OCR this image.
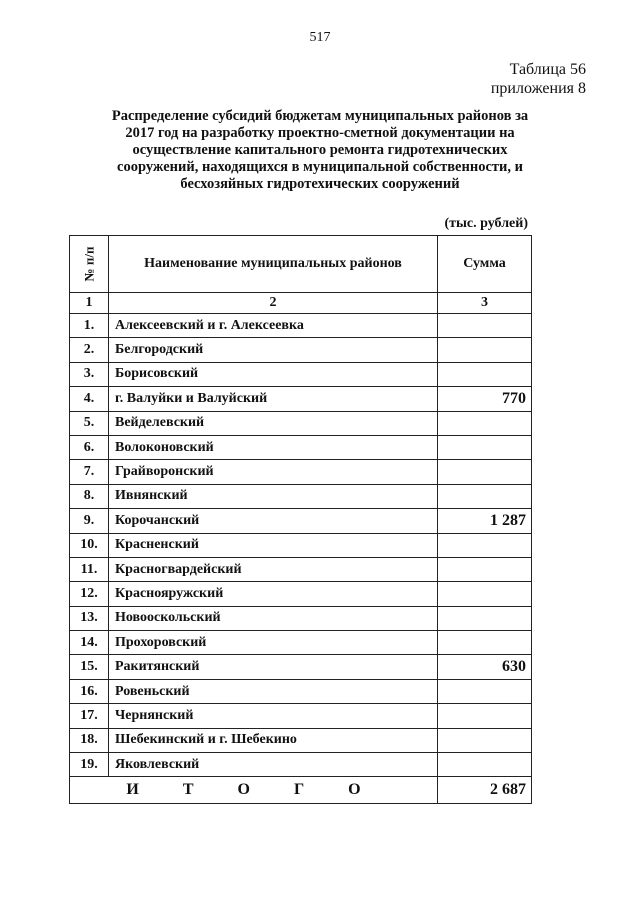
517
Таблица 56
приложения 8
Распределение субсидий бюджетам муниципальных районов за
2017 год на разработку проектно-сметной документации на
осуществление капитального ремонта гидротехнических
сооружений, находящихся в муниципальной собственности, и
бесхозяйных гидротехических сооружений
(тыс. рублей)
№ п/п	Наименование муниципальных районов	Сумма
1	2	3
1.	Алексеевский и г. Алексеевка	
2.	Белгородский	
3.	Борисовский	
4.	г. Валуйки и Валуйский	770
5.	Вейделевский	
6.	Волоконовский	
7.	Грайворонский	
8.	Ивнянский	
9.	Корочанский	1 287
10.	Красненский	
11.	Красногвардейский	
12.	Краснояружский	
13.	Новооскольский	
14.	Прохоровский	
15.	Ракитянский	630
16.	Ровеньский	
17.	Чернянский	
18.	Шебекинский и г. Шебекино	
19.	Яковлевский	
И Т О Г О		2 687
